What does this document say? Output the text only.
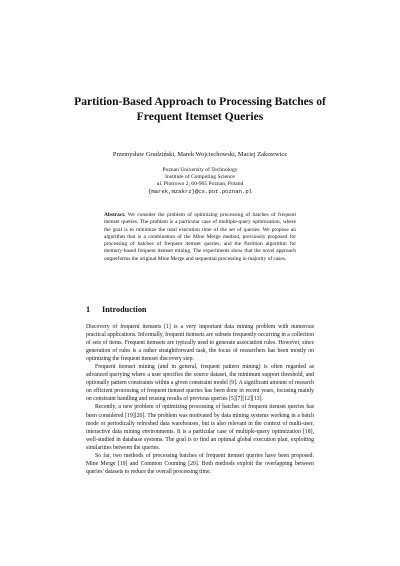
Partition-Based Approach to Processing Batches of
Frequent Itemset Queries
Przemysław Grudziński, Marek Wojciechowski, Maciej Zakrzewicz
Poznan University of Technology
Institute of Computing Science
ul. Piotrowo 2, 60-965 Poznan, Poland
{marek,mzakrz}@cs.put.poznan.pl
Abstract. We consider the problem of optimizing processing of batches of frequent itemset queries. The problem is a particular case of multiple-query optimization, where the goal is to minimize the total execution time of the set of queries. We propose an algorithm that is a combination of the Mine Merge method, previously proposed for processing of batches of frequent itemset queries, and the Partition algorithm for memory-based frequent itemset mining. The experiments show that the novel approach outperforms the original Mine Merge and sequential processing in majority of cases.
1 Introduction

Discovery of frequent itemsets [1] is a very important data mining problem with numerous practical applications. Informally, frequent itemsets are subsets frequently occurring in a collection of sets of items. Frequent itemsets are typically used to generate association rules. However, since generation of rules is a rather straightforward task, the focus of researchers has been mostly on optimizing the frequent itemset discovery step.

Frequent itemset mining (and in general, frequent pattern mining) is often regarded as advanced querying where a user specifies the source dataset, the minimum support threshold, and optionally pattern constraints within a given constraint model [9]. A significant amount of research on efficient processing of frequent itemset queries has been done in recent years, focusing mainly on constraint handling and reusing results of previous queries [5][7][12][13].

Recently, a new problem of optimizing processing of batches of frequent itemset queries has been considered [19][20]. The problem was motivated by data mining systems working in a batch mode or periodically refreshed data warehouses, but is also relevant in the context of multi-user, interactive data mining environments. It is a particular case of multiple-query optimization [18], well-studied in database systems. The goal is to find an optimal global execution plan, exploiting similarities between the queries.

So far, two methods of processing batches of frequent itemset queries have been proposed: Mine Merge [19] and Common Counting [20]. Both methods exploit the overlapping between queries' datasets to reduce the overall processing time.
